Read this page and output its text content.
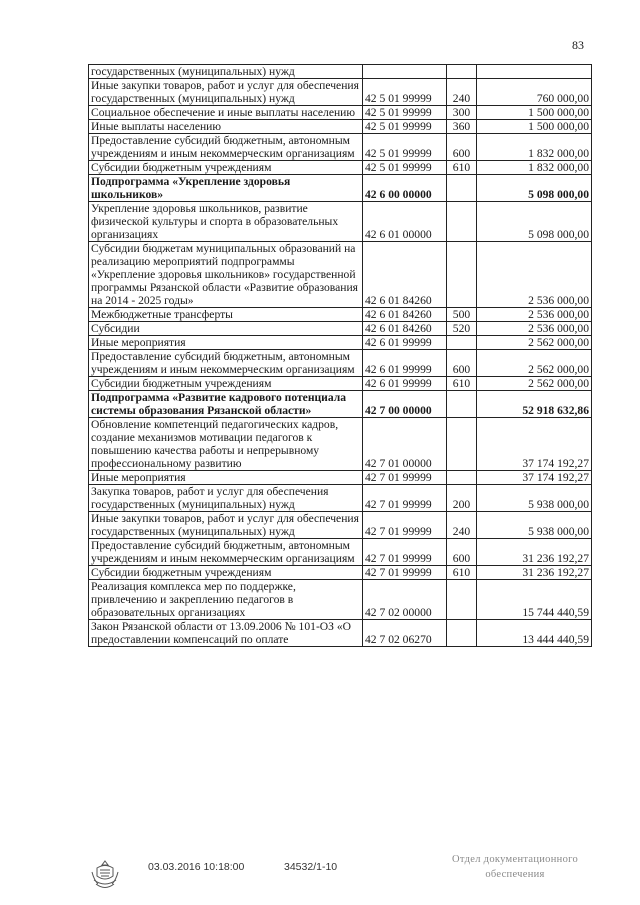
83
государственных (муниципальных) нужд			
Иные закупки товаров, работ и услуг для обеспечения государственных (муниципальных) нужд	42 5 01 99999	240	760 000,00
Социальное обеспечение и иные выплаты населению	42 5 01 99999	300	1 500 000,00
Иные выплаты населению	42 5 01 99999	360	1 500 000,00
Предоставление субсидий бюджетным, автономным учреждениям и иным некоммерческим организациям	42 5 01 99999	600	1 832 000,00
Субсидии бюджетным учреждениям	42 5 01 99999	610	1 832 000,00
Подпрограмма «Укрепление здоровья школьников»	42 6 00 00000		5 098 000,00
Укрепление здоровья школьников, развитие физической культуры и спорта в образовательных организациях	42 6 01 00000		5 098 000,00
Субсидии бюджетам муниципальных образований на реализацию мероприятий подпрограммы «Укрепление здоровья школьников» государственной программы Рязанской области «Развитие образования на 2014 - 2025 годы»	42 6 01 84260		2 536 000,00
Межбюджетные трансферты	42 6 01 84260	500	2 536 000,00
Субсидии	42 6 01 84260	520	2 536 000,00
Иные мероприятия	42 6 01 99999		2 562 000,00
Предоставление субсидий бюджетным, автономным учреждениям и иным некоммерческим организациям	42 6 01 99999	600	2 562 000,00
Субсидии бюджетным учреждениям	42 6 01 99999	610	2 562 000,00
Подпрограмма «Развитие кадрового потенциала системы образования Рязанской области»	42 7 00 00000		52 918 632,86
Обновление компетенций педагогических кадров, создание механизмов мотивации педагогов к повышению качества работы и непрерывному профессиональному развитию	42 7 01 00000		37 174 192,27
Иные мероприятия	42 7 01 99999		37 174 192,27
Закупка товаров, работ и услуг для обеспечения государственных (муниципальных) нужд	42 7 01 99999	200	5 938 000,00
Иные закупки товаров, работ и услуг для обеспечения государственных (муниципальных) нужд	42 7 01 99999	240	5 938 000,00
Предоставление субсидий бюджетным, автономным учреждениям и иным некоммерческим организациям	42 7 01 99999	600	31 236 192,27
Субсидии бюджетным учреждениям	42 7 01 99999	610	31 236 192,27
Реализация комплекса мер по поддержке, привлечению и закреплению педагогов в образовательных организациях	42 7 02 00000		15 744 440,59
Закон Рязанской области от 13.09.2006 № 101-ОЗ «О предоставлении компенсаций по оплате	42 7 02 06270		13 444 440,59
03.03.2016 10:18:00	34532/1-10
Отдел документационного
обеспечения
